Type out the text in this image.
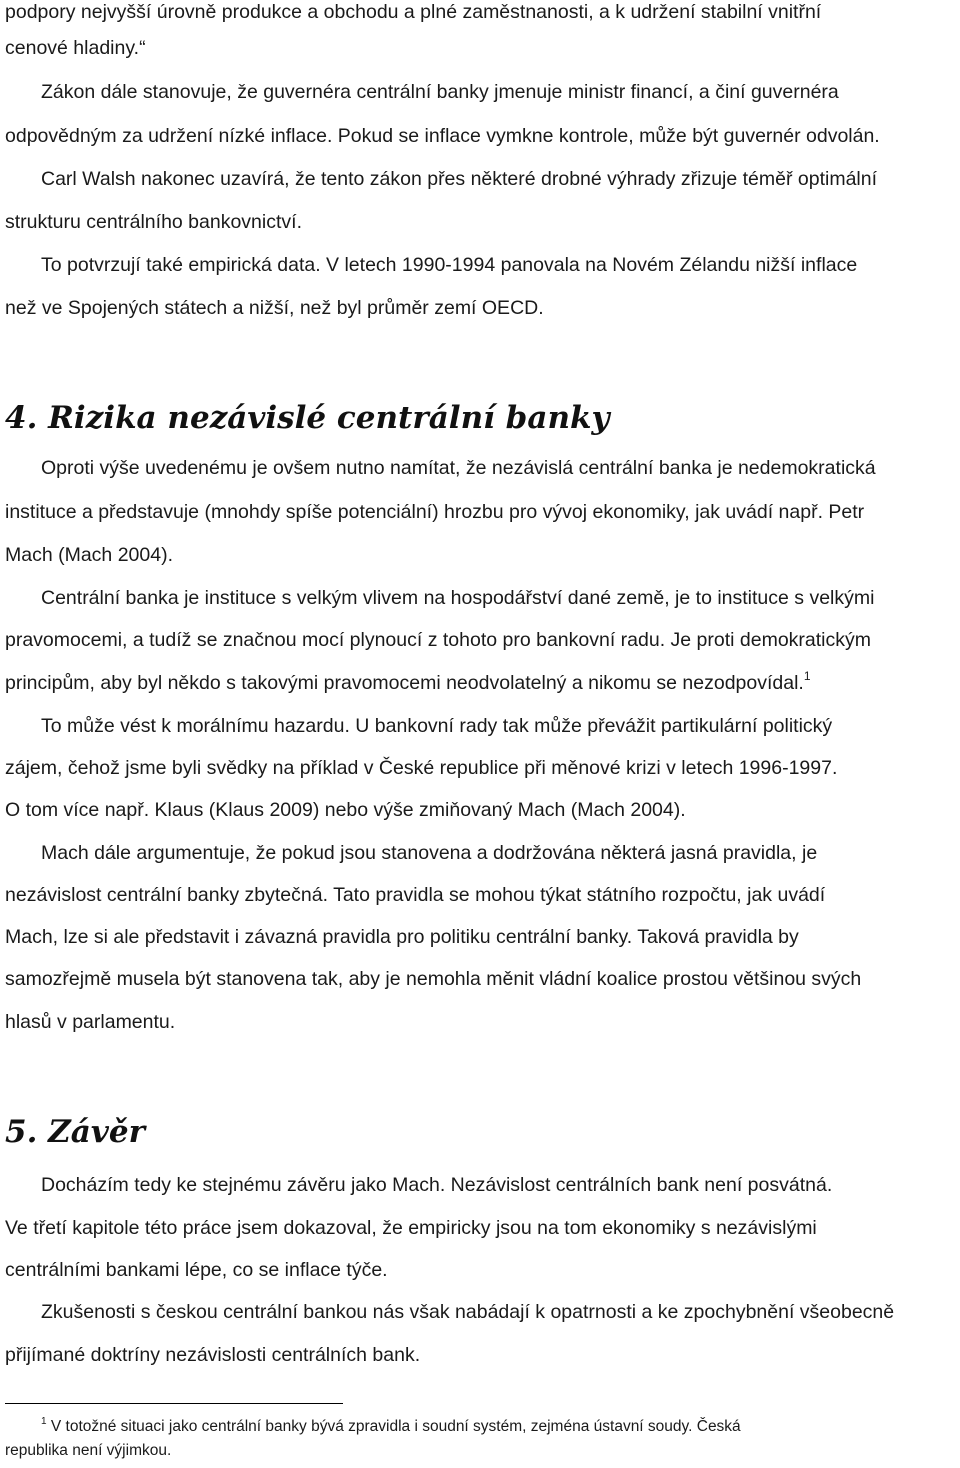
podpory nejvyšší úrovně produkce a obchodu a plné zaměstnanosti, a k udržení stabilní vnitřní
cenové hladiny.“
Zákon dále stanovuje, že guvernéra centrální banky jmenuje ministr financí, a činí guvernéra
odpovědným za udržení nízké inflace. Pokud se inflace vymkne kontrole, může být guvernér odvolán.
Carl Walsh nakonec uzavírá, že tento zákon přes některé drobné výhrady zřizuje téměř optimální
strukturu centrálního bankovnictví.
To potvrzují také empirická data. V letech 1990-1994 panovala na Novém Zélandu nižší inflace
než ve Spojených státech a nižší, než byl průměr zemí OECD.
4. Rizika nezávislé centrální banky
Oproti výše uvedenému je ovšem nutno namítat, že nezávislá centrální banka je nedemokratická
instituce a představuje (mnohdy spíše potenciální) hrozbu pro vývoj ekonomiky, jak uvádí např. Petr
Mach (Mach 2004).
Centrální banka je instituce s velkým vlivem na hospodářství dané země, je to instituce s velkými
pravomocemi, a tudíž se značnou mocí plynoucí z tohoto pro bankovní radu. Je proti demokratickým
principům, aby byl někdo s takovými pravomocemi neodvolatelný a nikomu se nezodpovídal.$^1$
To může vést k morálnímu hazardu. U bankovní rady tak může převážit partikulární politický
zájem, čehož jsme byli svědky na příklad v České republice při měnové krizi v letech 1996-1997.
O tom více např. Klaus (Klaus 2009) nebo výše zmiňovaný Mach (Mach 2004).
Mach dále argumentuje, že pokud jsou stanovena a dodržována některá jasná pravidla, je
nezávislost centrální banky zbytečná. Tato pravidla se mohou týkat státního rozpočtu, jak uvádí
Mach, lze si ale představit i závazná pravidla pro politiku centrální banky. Taková pravidla by
samozřejmě musela být stanovena tak, aby je nemohla měnit vládní koalice prostou většinou svých
hlasů v parlamentu.
5. Závěr
Docházím tedy ke stejnému závěru jako Mach. Nezávislost centrálních bank není posvátná.
Ve třetí kapitole této práce jsem dokazoval, že empiricky jsou na tom ekonomiky s nezávislými
centrálními bankami lépe, co se inflace týče.
Zkušenosti s českou centrální bankou nás však nabádají k opatrnosti a ke zpochybnění všeobecně
přijímané doktríny nezávislosti centrálních bank.
$^1$ V totožné situaci jako centrální banky bývá zpravidla i soudní systém, zejména ústavní soudy. Česká
republika není výjimkou.
